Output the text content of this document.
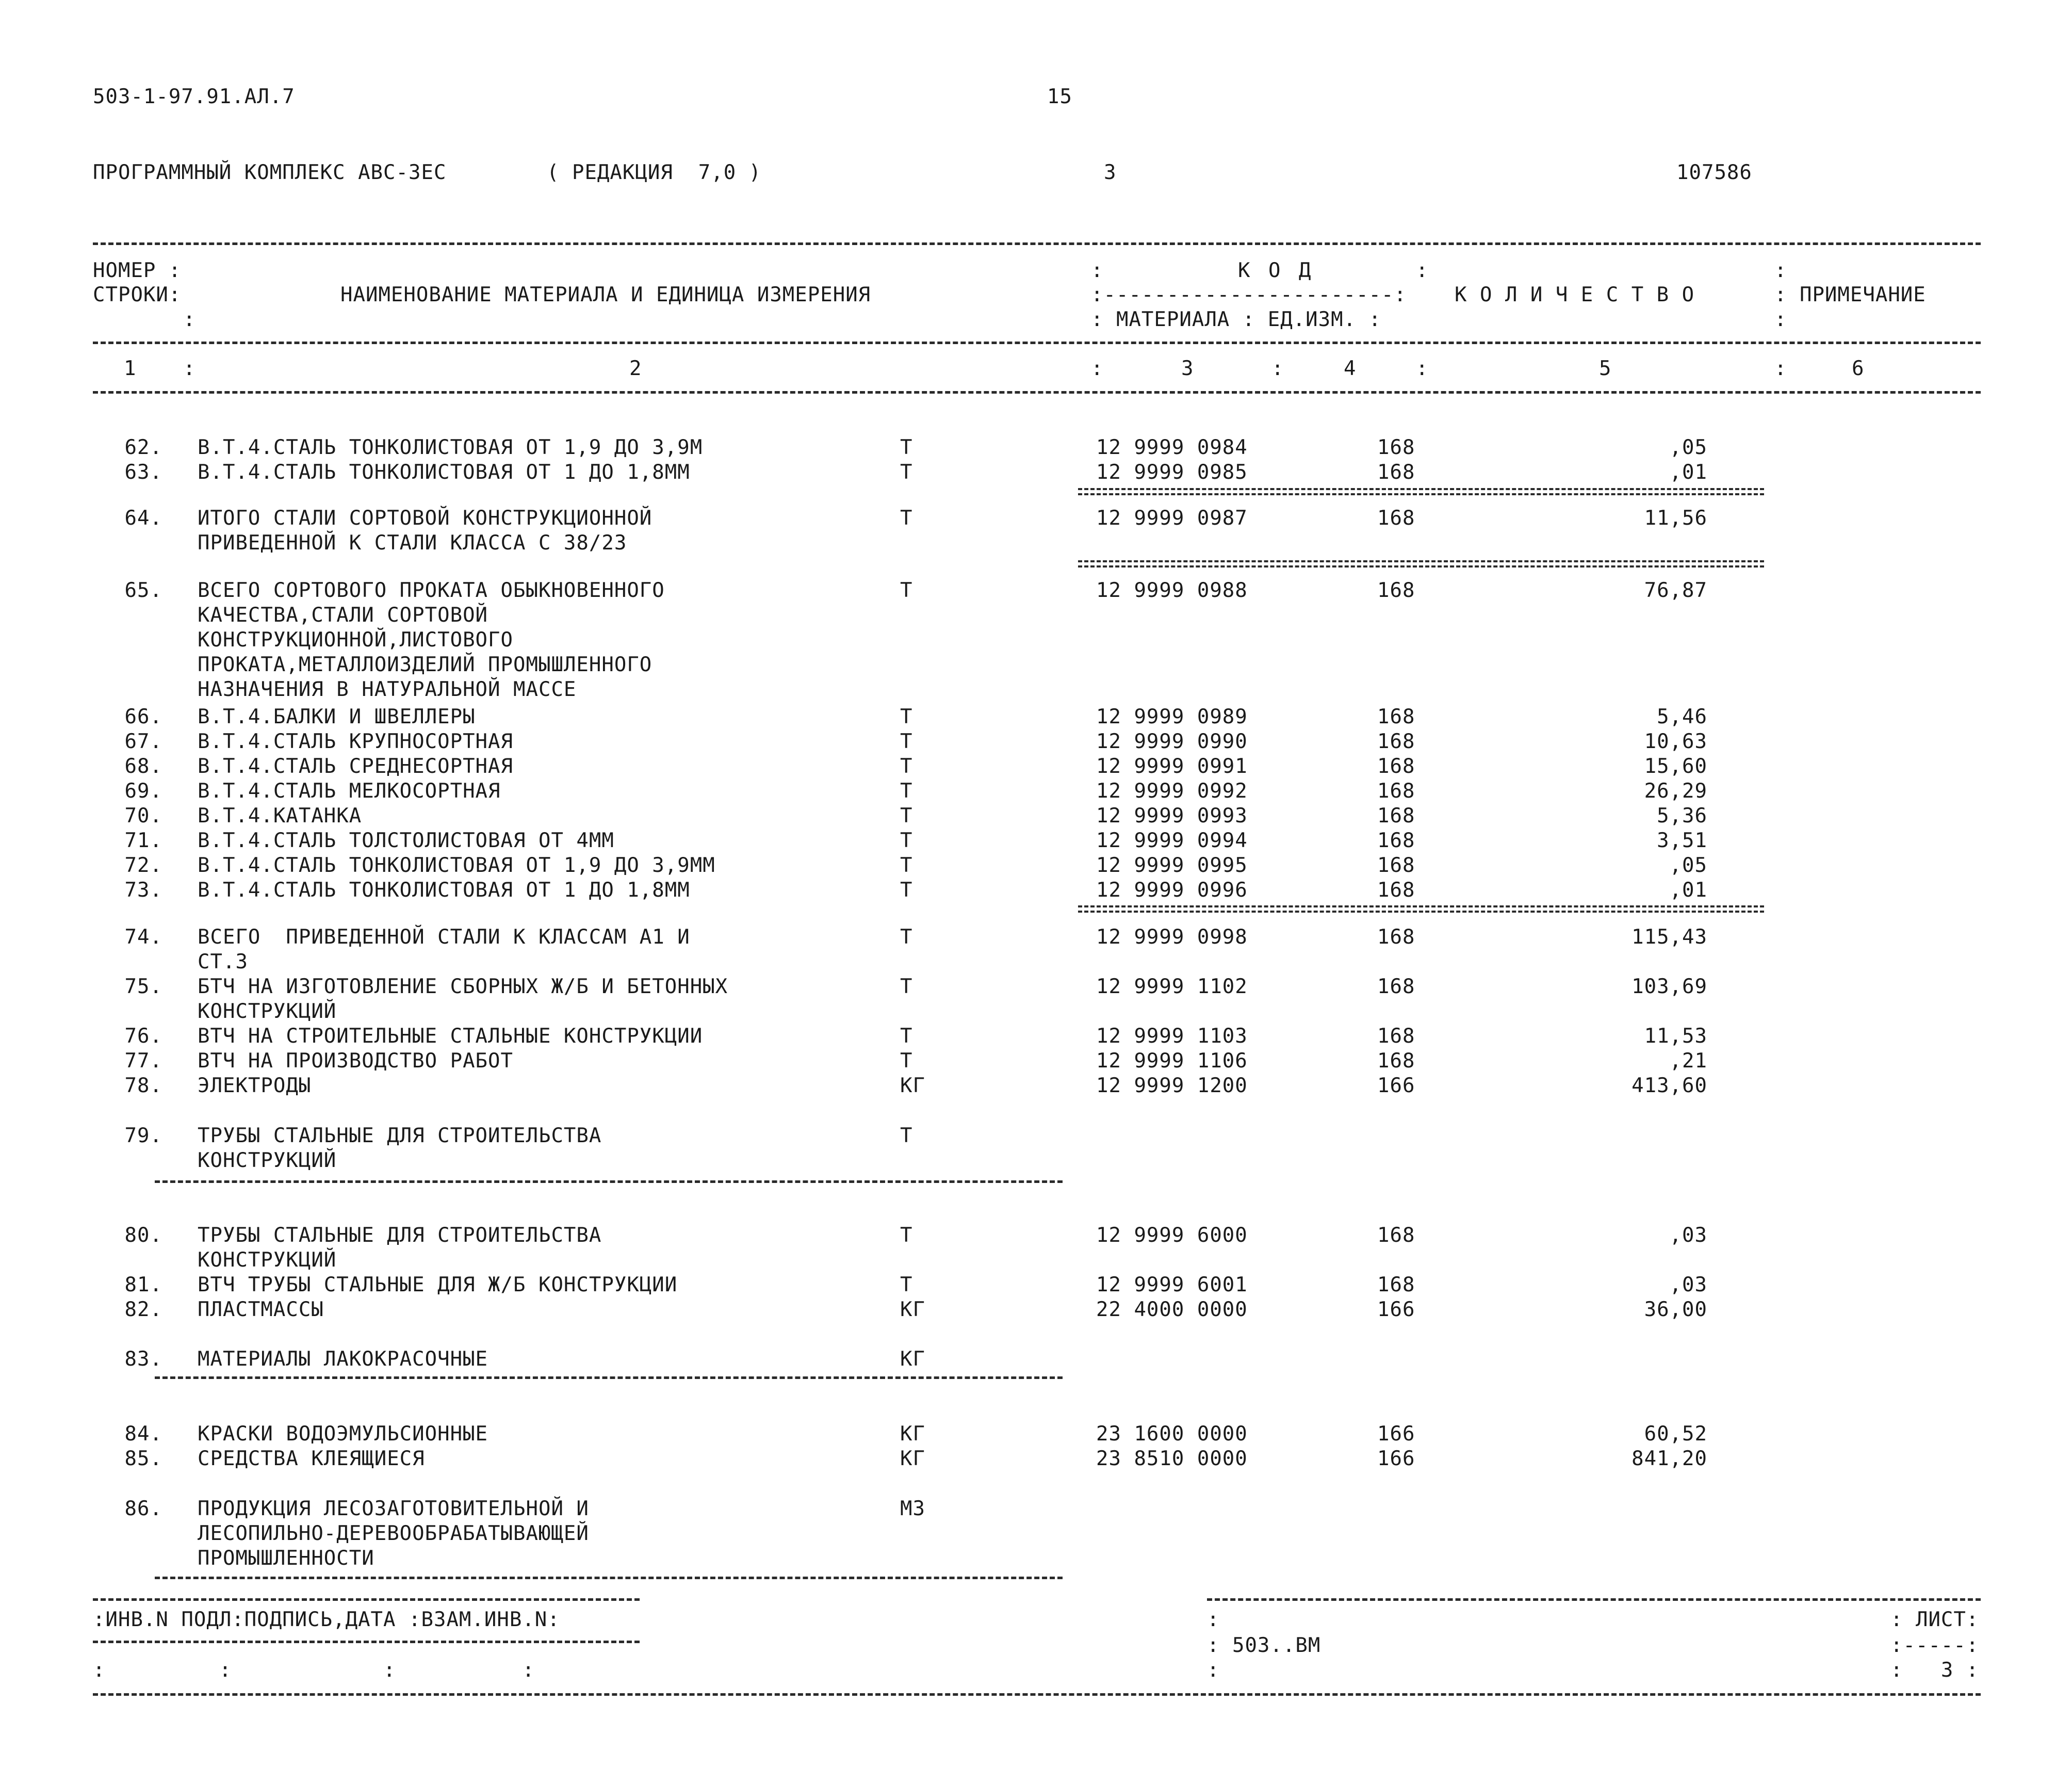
503-1-97.91.АЛ.7	15
ПРОГРАММНЫЙ КОМПЛЕКС АВС-3ЕС	( РЕДАКЦИЯ  7,0 )	3	107586
НОМЕР :
СТРОКИ:
:
НАИМЕНОВАНИЕ МАТЕРИАЛА И ЕДИНИЦА ИЗМЕРЕНИЯ
:	К О Д	:
:-----------------------:
: МАТЕРИАЛА : ЕД.ИЗМ. :
К О Л И Ч Е С Т В О
:
: ПРИМЕЧАНИЕ
:
1 :	2	:	3	:	4	:	5	:	6
62. В.Т.4.СТАЛЬ ТОНКОЛИСТОВАЯ ОТ 1,9 ДО 3,9М	Т	12 9999 0984	168	,05
63. В.Т.4.СТАЛЬ ТОНКОЛИСТОВАЯ ОТ 1 ДО 1,8ММ	Т	12 9999 0985	168	,01
64. ИТОГО СТАЛИ СОРТОВОЙ КОНСТРУКЦИОННОЙ
ПРИВЕДЕННОЙ К СТАЛИ КЛАССА С 38/23
Т	12 9999 0987	168	11,56
65. ВСЕГО СОРТОВОГО ПРОКАТА ОБЫКНОВЕННОГО
КАЧЕСТВА,СТАЛИ СОРТОВОЙ
КОНСТРУКЦИОННОЙ,ЛИСТОВОГО
ПРОКАТА,МЕТАЛЛОИЗДЕЛИЙ ПРОМЫШЛЕННОГО
НАЗНАЧЕНИЯ В НАТУРАЛЬНОЙ МАССЕ
Т	12 9999 0988	168	76,87
66. В.Т.4.БАЛКИ И ШВЕЛЛЕРЫ	Т	12 9999 0989	168	5,46
67. В.Т.4.СТАЛЬ КРУПНОСОРТНАЯ	Т	12 9999 0990	168	10,63
68. В.Т.4.СТАЛЬ СРЕДНЕСОРТНАЯ	Т	12 9999 0991	168	15,60
69. В.Т.4.СТАЛЬ МЕЛКОСОРТНАЯ	Т	12 9999 0992	168	26,29
70. В.Т.4.КАТАНКА	Т	12 9999 0993	168	5,36
71. В.Т.4.СТАЛЬ ТОЛСТОЛИСТОВАЯ ОТ 4ММ	Т	12 9999 0994	168	3,51
72. В.Т.4.СТАЛЬ ТОНКОЛИСТОВАЯ ОТ 1,9 ДО 3,9ММ	Т	12 9999 0995	168	,05
73. В.Т.4.СТАЛЬ ТОНКОЛИСТОВАЯ ОТ 1 ДО 1,8ММ	Т	12 9999 0996	168	,01
74. ВСЕГО  ПРИВЕДЕННОЙ СТАЛИ К КЛАССАМ А1 И
СТ.3
Т	12 9999 0998	168	115,43
75. БТЧ НА ИЗГОТОВЛЕНИЕ СБОРНЫХ Ж/Б И БЕТОННЫХ
КОНСТРУКЦИЙ
Т	12 9999 1102	168	103,69
76. ВТЧ НА СТРОИТЕЛЬНЫЕ СТАЛЬНЫЕ КОНСТРУКЦИИ	Т	12 9999 1103	168	11,53
77. ВТЧ НА ПРОИЗВОДСТВО РАБОТ	Т	12 9999 1106	168	,21
78. ЭЛЕКТРОДЫ	КГ	12 9999 1200	166	413,60
79. ТРУБЫ СТАЛЬНЫЕ ДЛЯ СТРОИТЕЛЬСТВА
КОНСТРУКЦИЙ
Т
80. ТРУБЫ СТАЛЬНЫЕ ДЛЯ СТРОИТЕЛЬСТВА
КОНСТРУКЦИЙ
Т	12 9999 6000	168	,03
81. ВТЧ ТРУБЫ СТАЛЬНЫЕ ДЛЯ Ж/Б КОНСТРУКЦИИ	Т	12 9999 6001	168	,03
82. ПЛАСТМАССЫ	КГ	22 4000 0000	166	36,00
83. МАТЕРИАЛЫ ЛАКОКРАСОЧНЫЕ	КГ
84. КРАСКИ ВОДОЭМУЛЬСИОННЫЕ	КГ	23 1600 0000	166	60,52
85. СРЕДСТВА КЛЕЯЩИЕСЯ	КГ	23 8510 0000	166	841,20
86. ПРОДУКЦИЯ ЛЕСОЗАГОТОВИТЕЛЬНОЙ И
ЛЕСОПИЛЬНО-ДЕРЕВООБРАБАТЫВАЮЩЕЙ
ПРОМЫШЛЕННОСТИ
М3
:ИНВ.N ПОДЛ:ПОДПИСЬ,ДАТА :ВЗАМ.ИНВ.N:
:         :            :          :
:
: 503..ВМ
:
: ЛИСТ:
:-----:
:   3 :
